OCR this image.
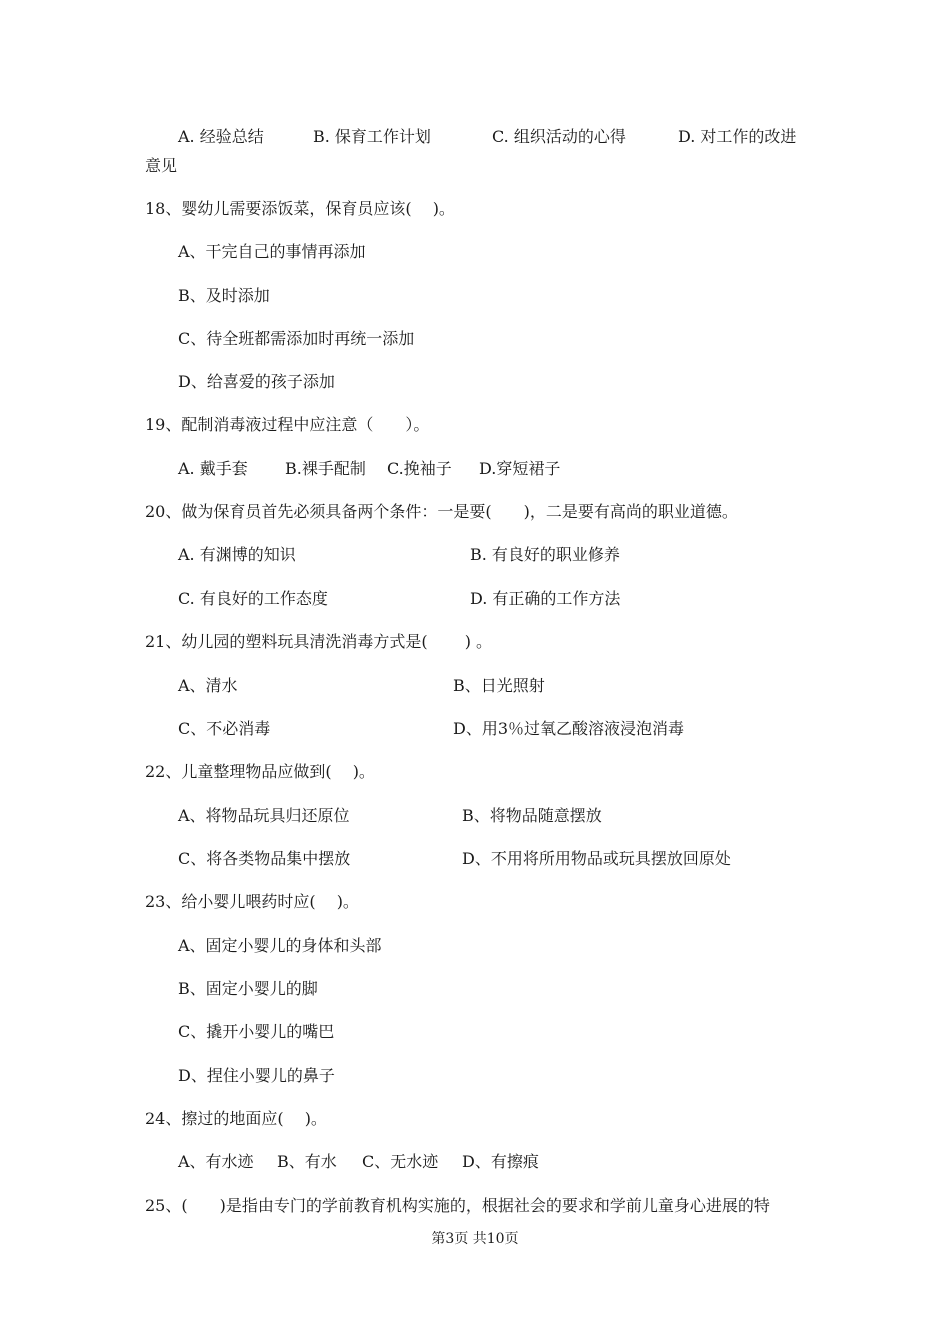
A. 经验总结	B. 保育工作计划	C. 组织活动的心得	D. 对工作的改进
意见
18、婴幼儿需要添饭菜，保育员应该(　 )。
A、干完自己的事情再添加
B、及时添加
C、待全班都需添加时再统一添加
D、给喜爱的孩子添加
19、配制消毒液过程中应注意（　　）。
A. 戴手套 B.裸手配制 C.挽袖子 D.穿短裙子
20、做为保育员首先必须具备两个条件：一是要(　　)，二是要有高尚的职业道德。
A. 有渊博的知识	B. 有良好的职业修养
C. 有良好的工作态度	D. 有正确的工作方法
21、幼儿园的塑料玩具清洗消毒方式是(　　 ) 。
A、清水	B、日光照射
C、不必消毒	D、用3％过氧乙酸溶液浸泡消毒
22、儿童整理物品应做到(　 )。
A、将物品玩具归还原位	B、将物品随意摆放
C、将各类物品集中摆放	D、不用将所用物品或玩具摆放回原处
23、给小婴儿喂药时应(　 )。
A、固定小婴儿的身体和头部
B、固定小婴儿的脚
C、撬开小婴儿的嘴巴
D、捏住小婴儿的鼻子
24、擦过的地面应(　 )。
A、有水迹 B、有水 C、无水迹 D、有擦痕
25、(　　)是指由专门的学前教育机构实施的，根据社会的要求和学前儿童身心进展的特
第3页 共10页
